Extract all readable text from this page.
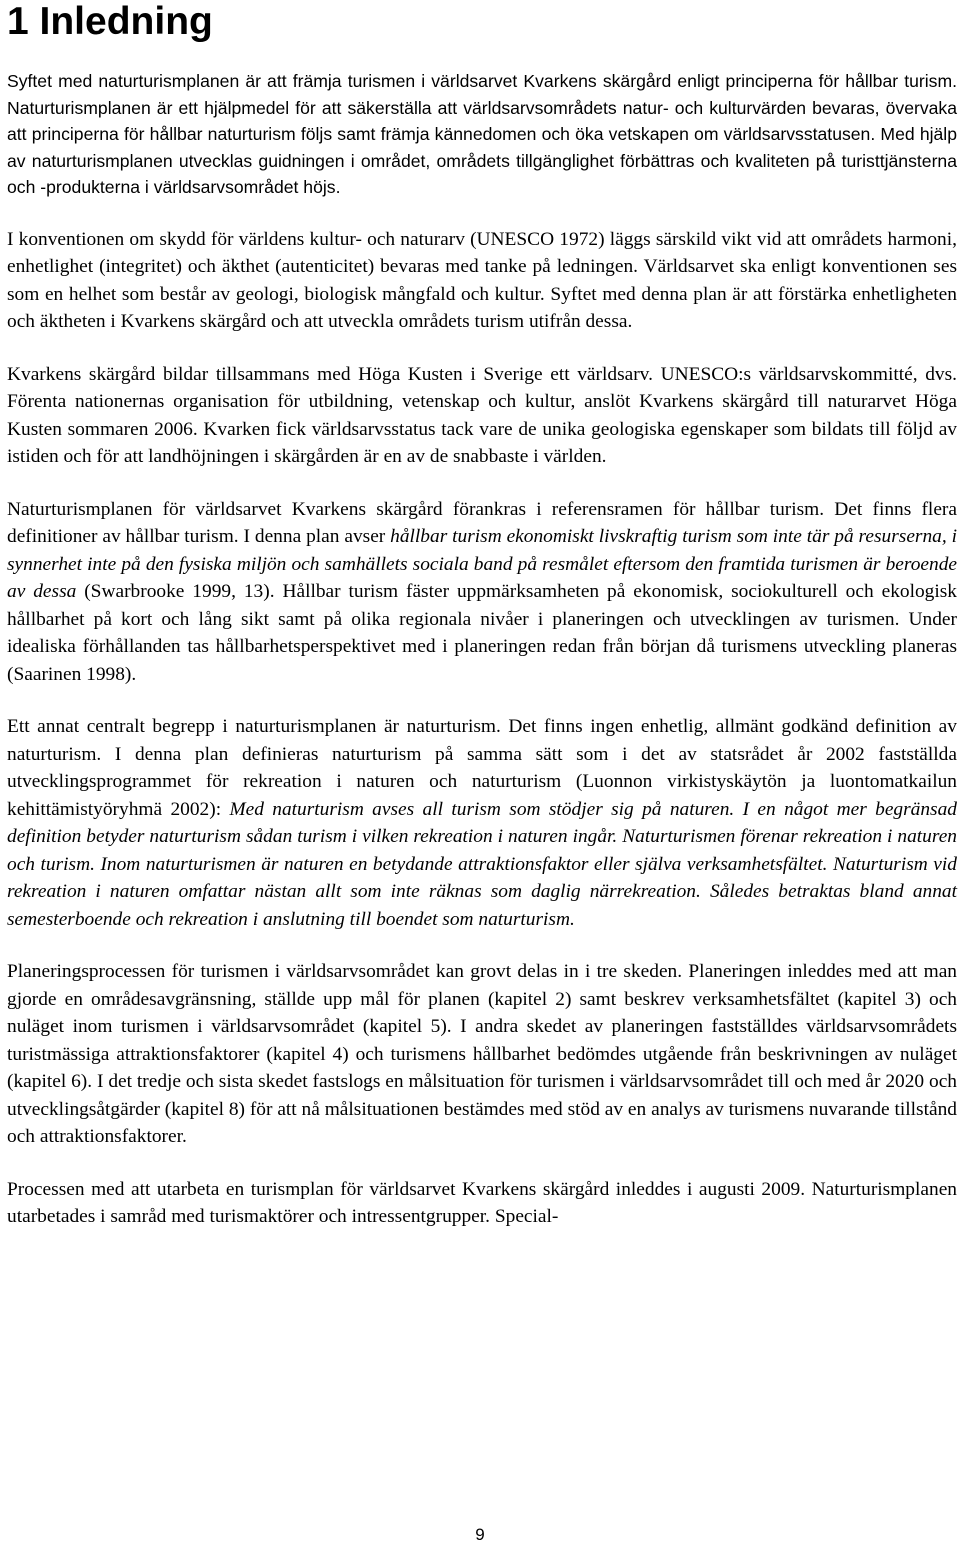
1 Inledning

Syftet med naturturismplanen är att främja turismen i världsarvet Kvarkens skärgård enligt principerna för hållbar turism. Naturturismplanen är ett hjälpmedel för att säkerställa att världsarvsområdets natur- och kulturvärden bevaras, övervaka att principerna för hållbar naturturism följs samt främja kännedomen och öka vetskapen om världsarvsstatusen. Med hjälp av naturturismplanen utvecklas guidningen i området, områdets tillgänglighet förbättras och kvaliteten på turisttjänsterna och -produkterna i världsarvsområdet höjs.

I konventionen om skydd för världens kultur- och naturarv (UNESCO 1972) läggs särskild vikt vid att områdets harmoni, enhetlighet (integritet) och äkthet (autenticitet) bevaras med tanke på ledningen. Världsarvet ska enligt konventionen ses som en helhet som består av geologi, biologisk mångfald och kultur. Syftet med denna plan är att förstärka enhetligheten och äktheten i Kvarkens skärgård och att utveckla områdets turism utifrån dessa.

Kvarkens skärgård bildar tillsammans med Höga Kusten i Sverige ett världsarv. UNESCO:s världsarvskommitté, dvs. Förenta nationernas organisation för utbildning, vetenskap och kultur, anslöt Kvarkens skärgård till naturarvet Höga Kusten sommaren 2006. Kvarken fick världsarvsstatus tack vare de unika geologiska egenskaper som bildats till följd av istiden och för att landhöjningen i skärgården är en av de snabbaste i världen.

Naturturismplanen för världsarvet Kvarkens skärgård förankras i referensramen för hållbar turism. Det finns flera definitioner av hållbar turism. I denna plan avser hållbar turism ekonomiskt livskraftig turism som inte tär på resurserna, i synnerhet inte på den fysiska miljön och samhällets sociala band på resmålet eftersom den framtida turismen är beroende av dessa (Swarbrooke 1999, 13). Hållbar turism fäster uppmärksamheten på ekonomisk, sociokulturell och ekologisk hållbarhet på kort och lång sikt samt på olika regionala nivåer i planeringen och utvecklingen av turismen. Under idealiska förhållanden tas hållbarhetsperspektivet med i planeringen redan från början då turismens utveckling planeras (Saarinen 1998).

Ett annat centralt begrepp i naturturismplanen är naturturism. Det finns ingen enhetlig, allmänt godkänd definition av naturturism. I denna plan definieras naturturism på samma sätt som i det av statsrådet år 2002 fastställda utvecklingsprogrammet för rekreation i naturen och naturturism (Luonnon virkistyskäytön ja luontomatkailun kehittämistyöryhmä 2002): Med naturturism avses all turism som stödjer sig på naturen. I en något mer begränsad definition betyder naturturism sådan turism i vilken rekreation i naturen ingår. Naturturismen förenar rekreation i naturen och turism. Inom naturturismen är naturen en betydande attraktionsfaktor eller själva verksamhetsfältet. Naturturism vid rekreation i naturen omfattar nästan allt som inte räknas som daglig närrekreation. Således betraktas bland annat semesterboende och rekreation i anslutning till boendet som naturturism.

Planeringsprocessen för turismen i världsarvsområdet kan grovt delas in i tre skeden. Planeringen inleddes med att man gjorde en områdesavgränsning, ställde upp mål för planen (kapitel 2) samt beskrev verksamhetsfältet (kapitel 3) och nuläget inom turismen i världsarvsområdet (kapitel 5). I andra skedet av planeringen fastställdes världsarvsområdets turistmässiga attraktionsfaktorer (kapitel 4) och turismens hållbarhet bedömdes utgående från beskrivningen av nuläget (kapitel 6). I det tredje och sista skedet fastslogs en målsituation för turismen i världsarvsområdet till och med år 2020 och utvecklingsåtgärder (kapitel 8) för att nå målsituationen bestämdes med stöd av en analys av turismens nuvarande tillstånd och attraktionsfaktorer.

Processen med att utarbeta en turismplan för världsarvet Kvarkens skärgård inleddes i augusti 2009. Naturturismplanen utarbetades i samråd med turismaktörer och intressentgrupper. Special-

9
